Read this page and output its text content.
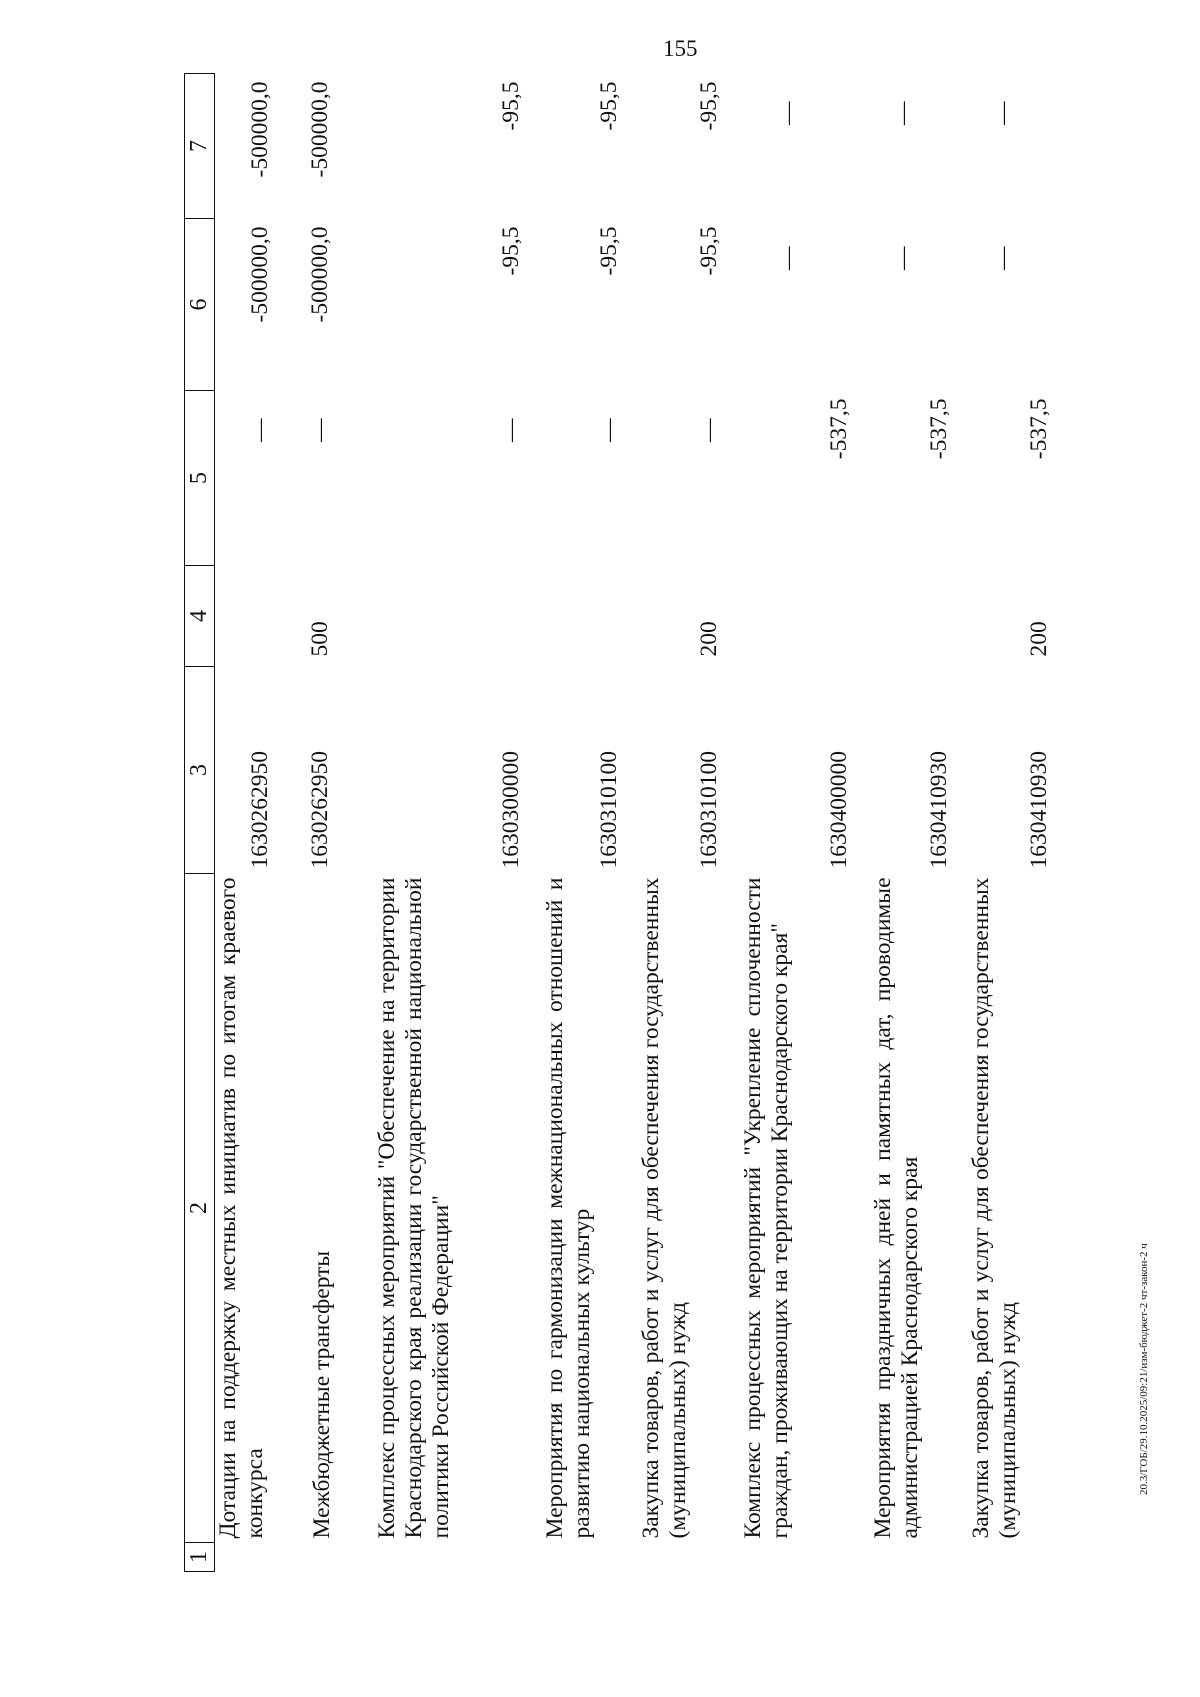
155
20.3/ГОБ/29.10.2025/09:21/изм-бюджет-2 чт-закон-2 ч
1	2	3	4	5	6	7
	Дотации на поддержку местных инициатив по итогам краевого конкурса	1630262950		—	-500000,0	-500000,0
	Межбюджетные трансферты	1630262950	500	—	-500000,0	-500000,0
	Комплекс процессных мероприятий "Обеспечение на территории Краснодарского края реализации государственной национальной политики Российской Федерации"	1630300000		—	-95,5	-95,5
	Мероприятия по гармонизации межнациональных отношений и развитию национальных культур	1630310100		—	-95,5	-95,5
	Закупка товаров, работ и услуг для обеспечения государственных (муниципальных) нужд	1630310100	200	—	-95,5	-95,5
	Комплекс процессных мероприятий "Укрепление сплоченности граждан, проживающих на территории Краснодарского края"	1630400000		-537,5	—	—
	Мероприятия праздничных дней и памятных дат, проводимые администрацией Краснодарского края	1630410930		-537,5	—	—
	Закупка товаров, работ и услуг для обеспечения государственных (муниципальных) нужд	1630410930	200	-537,5	—	—
